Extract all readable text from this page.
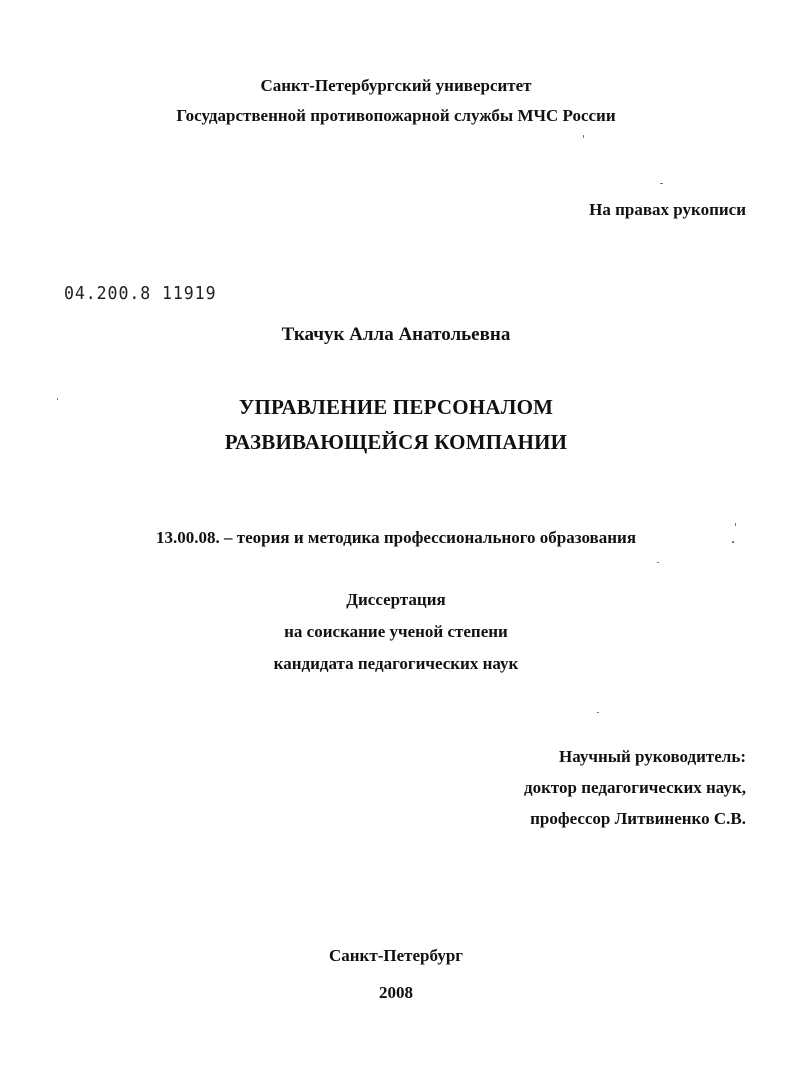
Санкт-Петербургский университет
Государственной противопожарной службы МЧС России
На правах рукописи
04.200.8 11919
Ткачук Алла Анатольевна
УПРАВЛЕНИЕ ПЕРСОНАЛОМ
РАЗВИВАЮЩЕЙСЯ КОМПАНИИ
13.00.08. – теория и методика профессионального образования
Диссертация
на соискание ученой степени
кандидата педагогических наук
Научный руководитель:
доктор педагогических наук,
профессор Литвиненко С.В.
Санкт-Петербург
2008
